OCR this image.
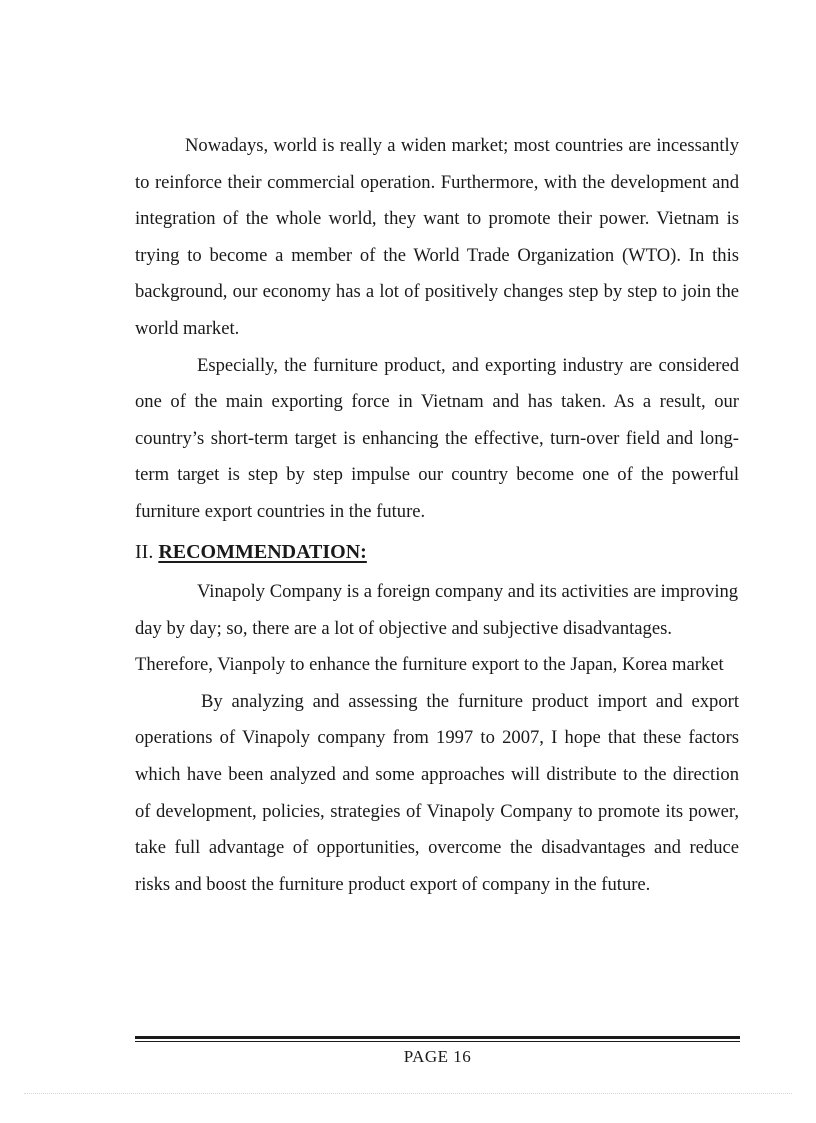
Nowadays, world is really a widen market; most countries are incessantly to reinforce their commercial operation. Furthermore, with the development and integration of the whole world, they want to promote their power. Vietnam is trying to become a member of the World Trade Organization (WTO). In this background, our economy has a lot of positively changes step by step to join the world market.

Especially, the furniture product, and exporting industry are considered one of the main exporting force in Vietnam and has taken. As a result, our country’s short-term target is enhancing the effective, turn-over field and long-term target is step by step impulse our country become one of the powerful furniture export countries in the future.

II. RECOMMENDATION:

Vinapoly Company is a foreign company and its activities are improving day by day; so, there are a lot of objective and subjective disadvantages. Therefore, Vianpoly to enhance the furniture export to the Japan, Korea market

By analyzing and assessing the furniture product import and export operations of Vinapoly company from 1997 to 2007, I hope that these factors which have been analyzed and some approaches will distribute to the direction of development, policies, strategies of Vinapoly Company to promote its power, take full advantage of opportunities, overcome the disadvantages and reduce risks and boost the furniture product export of company in the future.

PAGE 16
